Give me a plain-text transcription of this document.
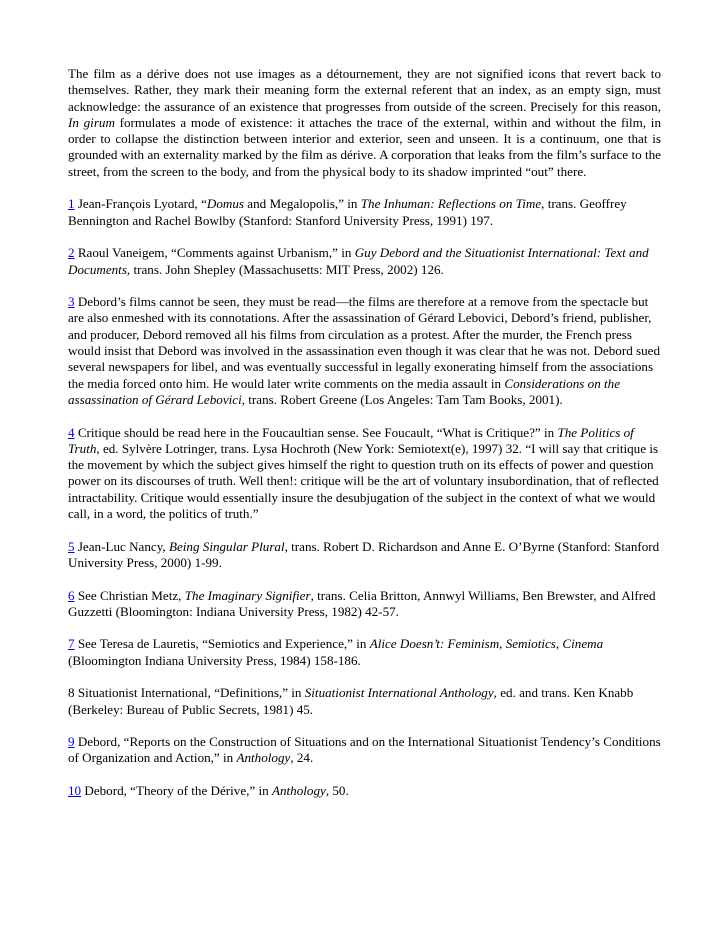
The film as a dérive does not use images as a détournement, they are not signified icons that revert back to themselves. Rather, they mark their meaning form the external referent that an index, as an empty sign, must acknowledge: the assurance of an existence that progresses from outside of the screen. Precisely for this reason, In girum formulates a mode of existence: it attaches the trace of the external, within and without the film, in order to collapse the distinction between interior and exterior, seen and unseen. It is a continuum, one that is grounded with an externality marked by the film as dérive. A corporation that leaks from the film’s surface to the street, from the screen to the body, and from the physical body to its shadow imprinted “out” there.

1 Jean-François Lyotard, “Domus and Megalopolis,” in The Inhuman: Reflections on Time, trans. Geoffrey Bennington and Rachel Bowlby (Stanford: Stanford University Press, 1991) 197.

2 Raoul Vaneigem, “Comments against Urbanism,” in Guy Debord and the Situationist International: Text and Documents, trans. John Shepley (Massachusetts: MIT Press, 2002) 126.

3 Debord’s films cannot be seen, they must be read—the films are therefore at a remove from the spectacle but are also enmeshed with its connotations. After the assassination of Gérard Lebovici, Debord’s friend, publisher, and producer, Debord removed all his films from circulation as a protest. After the murder, the French press would insist that Debord was involved in the assassination even though it was clear that he was not. Debord sued several newspapers for libel, and was eventually successful in legally exonerating himself from the associations the media forced onto him. He would later write comments on the media assault in Considerations on the assassination of Gérard Lebovici, trans. Robert Greene (Los Angeles: Tam Tam Books, 2001).

4 Critique should be read here in the Foucaultian sense. See Foucault, “What is Critique?” in The Politics of Truth, ed. Sylvère Lotringer, trans. Lysa Hochroth (New York: Semiotext(e), 1997) 32. “I will say that critique is the movement by which the subject gives himself the right to question truth on its effects of power and question power on its discourses of truth. Well then!: critique will be the art of voluntary insubordination, that of reflected intractability. Critique would essentially insure the desubjugation of the subject in the context of what we would call, in a word, the politics of truth.”

5 Jean-Luc Nancy, Being Singular Plural, trans. Robert D. Richardson and Anne E. O’Byrne (Stanford: Stanford University Press, 2000) 1-99.

6 See Christian Metz, The Imaginary Signifier, trans. Celia Britton, Annwyl Williams, Ben Brewster, and Alfred Guzzetti (Bloomington: Indiana University Press, 1982) 42-57.

7 See Teresa de Lauretis, “Semiotics and Experience,” in Alice Doesn’t: Feminism, Semiotics, Cinema (Bloomington Indiana University Press, 1984) 158-186.

8 Situationist International, “Definitions,” in Situationist International Anthology, ed. and trans. Ken Knabb (Berkeley: Bureau of Public Secrets, 1981) 45.

9 Debord, “Reports on the Construction of Situations and on the International Situationist Tendency’s Conditions of Organization and Action,” in Anthology, 24.

10 Debord, “Theory of the Dérive,” in Anthology, 50.
